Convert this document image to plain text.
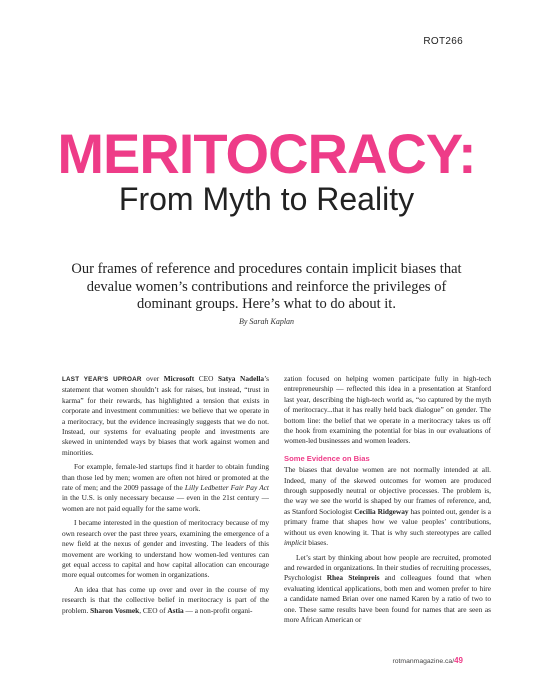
ROT266
MERITOCRACY:
From Myth to Reality
Our frames of reference and procedures contain implicit biases that devalue women’s contributions and reinforce the privileges of dominant groups. Here’s what to do about it.
By Sarah Kaplan

LAST YEAR’S UPROAR over Microsoft CEO Satya Nadella’s statement that women shouldn’t ask for raises, but instead, “trust in karma” for their rewards, has highlighted a tension that exists in corporate and investment communities: we believe that we operate in a meritocracy, but the evidence increasingly suggests that we do not. Instead, our systems for evaluating people and investments are skewed in unintended ways by biases that work against women and minorities.

For example, female-led startups find it harder to obtain funding than those led by men; women are often not hired or promoted at the rate of men; and the 2009 passage of the Lilly Ledbetter Fair Pay Act in the U.S. is only necessary because — even in the 21st century — women are not paid equally for the same work.

I became interested in the question of meritocracy because of my own research over the past three years, examining the emergence of a new field at the nexus of gender and investing. The leaders of this movement are working to understand how women-led ventures can get equal access to capital and how capital allocation can encourage more equal outcomes for women in organizations.

An idea that has come up over and over in the course of my research is that the collective belief in meritocracy is part of the problem. Sharon Vosmek, CEO of Astia — a non-profit organi-

zation focused on helping women participate fully in high-tech entrepreneurship — reflected this idea in a presentation at Stanford last year, describing the high-tech world as, “so captured by the myth of meritocracy...that it has really held back dialogue” on gender. The bottom line: the belief that we operate in a meritocracy takes us off the hook from examining the potential for bias in our evaluations of women-led businesses and women leaders.

Some Evidence on Bias

The biases that devalue women are not normally intended at all. Indeed, many of the skewed outcomes for women are produced through supposedly neutral or objective processes. The problem is, the way we see the world is shaped by our frames of reference, and, as Stanford Sociologist Cecilia Ridgeway has pointed out, gender is a primary frame that shapes how we value peoples’ contributions, without us even knowing it. That is why such stereotypes are called implicit biases.

Let’s start by thinking about how people are recruited, promoted and rewarded in organizations. In their studies of recruiting processes, Psychologist Rhea Steinpreis and colleagues found that when evaluating identical applications, both men and women prefer to hire a candidate named Brian over one named Karen by a ratio of two to one. These same results have been found for names that are seen as more African American or

rotmanmagazine.ca/49
